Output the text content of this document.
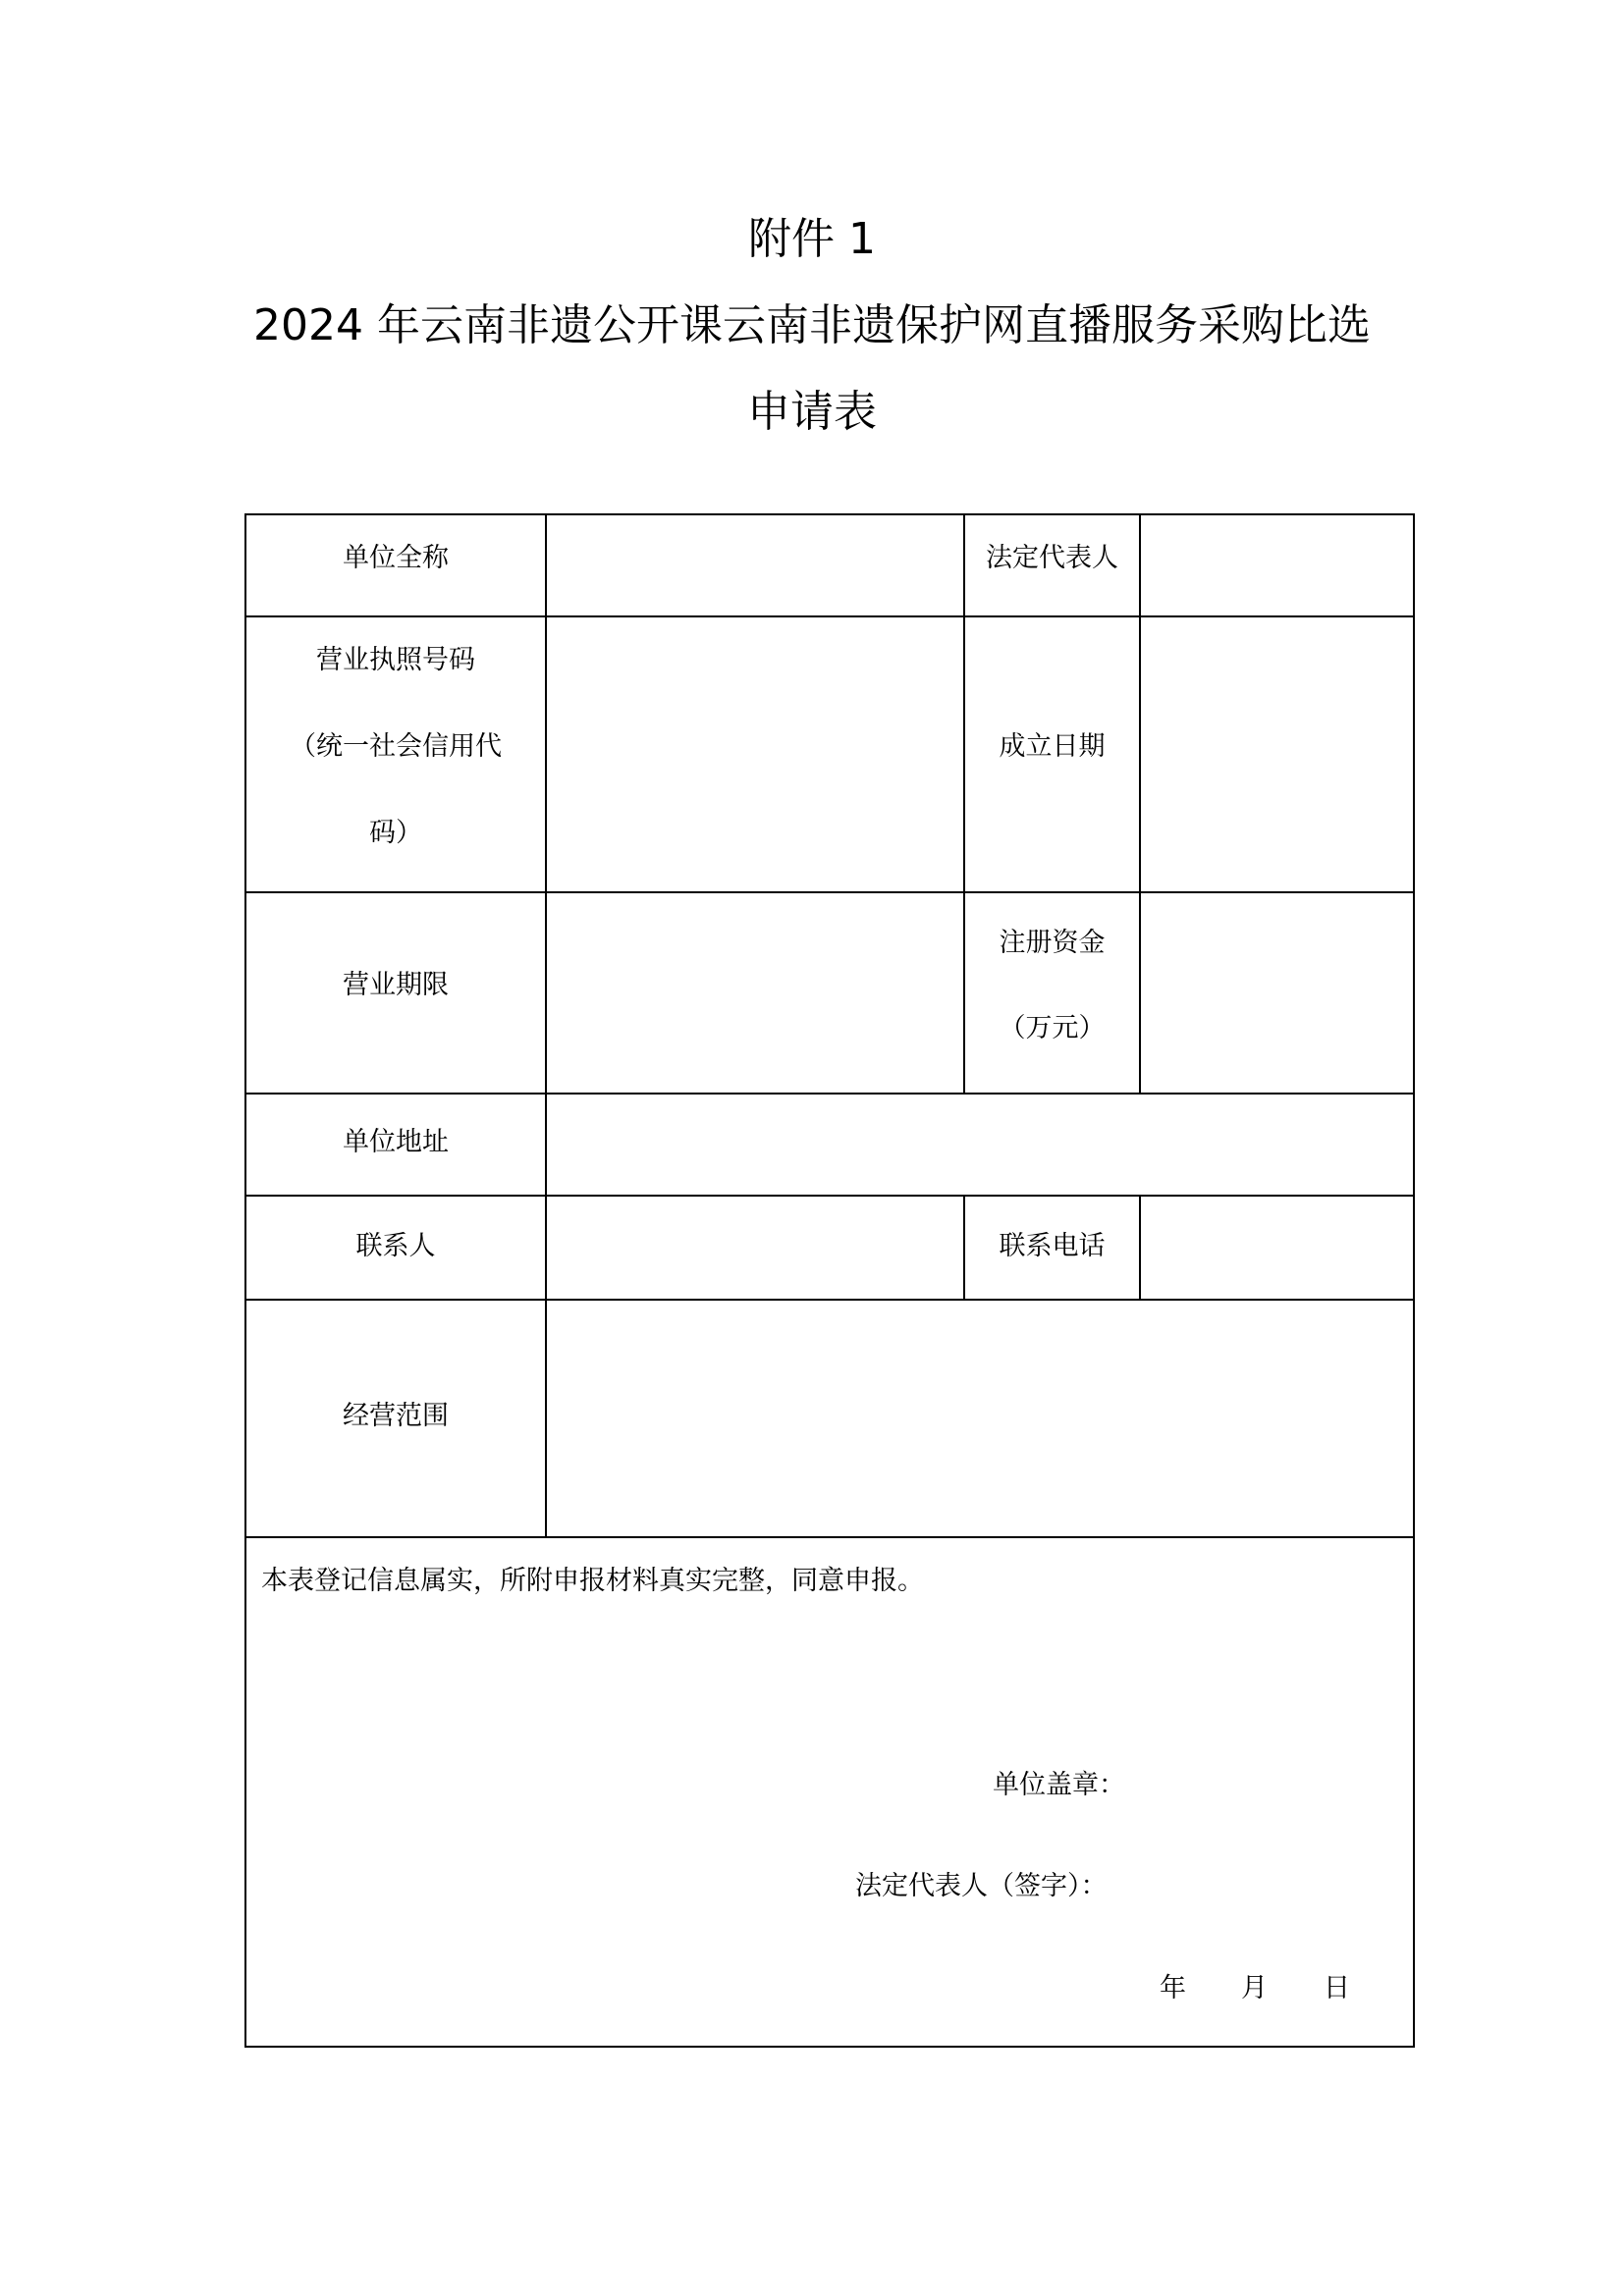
附件 1
2024 年云南非遗公开课云南非遗保护网直播服务采购比选
申请表
单位全称	法定代表人
营业执照号码
（统一社会信用代
码）
成立日期
营业期限
注册资金
（万元）
单位地址
联系人	联系电话
经营范围
本表登记信息属实，所附申报材料真实完整，同意申报。
单位盖章：
法定代表人（签字）：
年 月 日
